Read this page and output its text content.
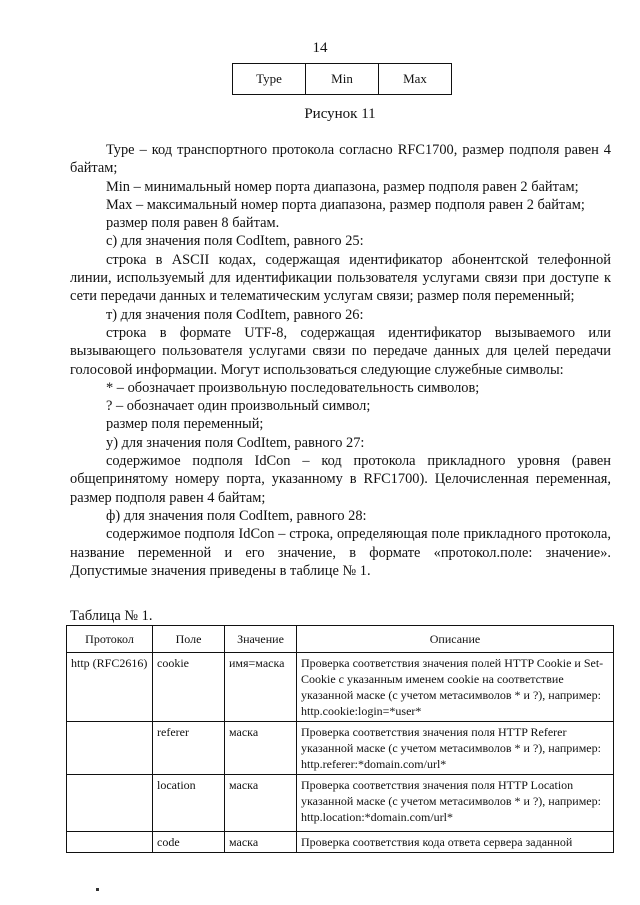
14
Type	Min	Max
Рисунок 11

Type – код транспортного протокола согласно RFC1700, размер подполя равен 4 байтам;

Min – минимальный номер порта диапазона, размер подполя равен 2 байтам;

Max – максимальный номер порта диапазона, размер подполя равен 2 байтам;

размер поля равен 8 байтам.

с) для значения поля CodItem, равного 25:

строка в ASCII кодах, содержащая идентификатор абонентской телефонной линии, используемый для идентификации пользователя услугами связи при доступе к сети передачи данных и телематическим услугам связи; размер поля переменный;

т) для значения поля CodItem, равного 26:

строка в формате UTF-8, содержащая идентификатор вызываемого или вызывающего пользователя услугами связи по передаче данных для целей передачи голосовой информации. Могут использоваться следующие служебные символы:

* – обозначает произвольную последовательность символов;

? – обозначает один произвольный символ;

размер поля переменный;

у) для значения поля CodItem, равного 27:

содержимое подполя IdCon – код протокола прикладного уровня (равен общепринятому номеру порта, указанному в RFC1700). Целочисленная переменная, размер подполя равен 4 байтам;

ф) для значения поля CodItem, равного 28:

содержимое подполя IdCon – строка, определяющая поле прикладного протокола, название переменной и его значение, в формате «протокол.поле: значение». Допустимые значения приведены в таблице № 1.

Таблица № 1.
Протокол	Поле	Значение	Описание
http (RFC2616)	cookie	имя=маска	Проверка соответствия значения полей HTTP Cookie и Set-Cookie с указанным именем cookie на соответствие указанной маске (с учетом метасимволов * и ?), например: http.cookie:login=*user*
	referer	маска	Проверка соответствия значения поля HTTP Referer указанной маске (с учетом метасимволов * и ?), например: http.referer:*domain.com/url*
	location	маска	Проверка соответствия значения поля HTTP Location указанной маске (с учетом метасимволов * и ?), например: http.location:*domain.com/url*
	code	маска	Проверка соответствия кода ответа сервера заданной
